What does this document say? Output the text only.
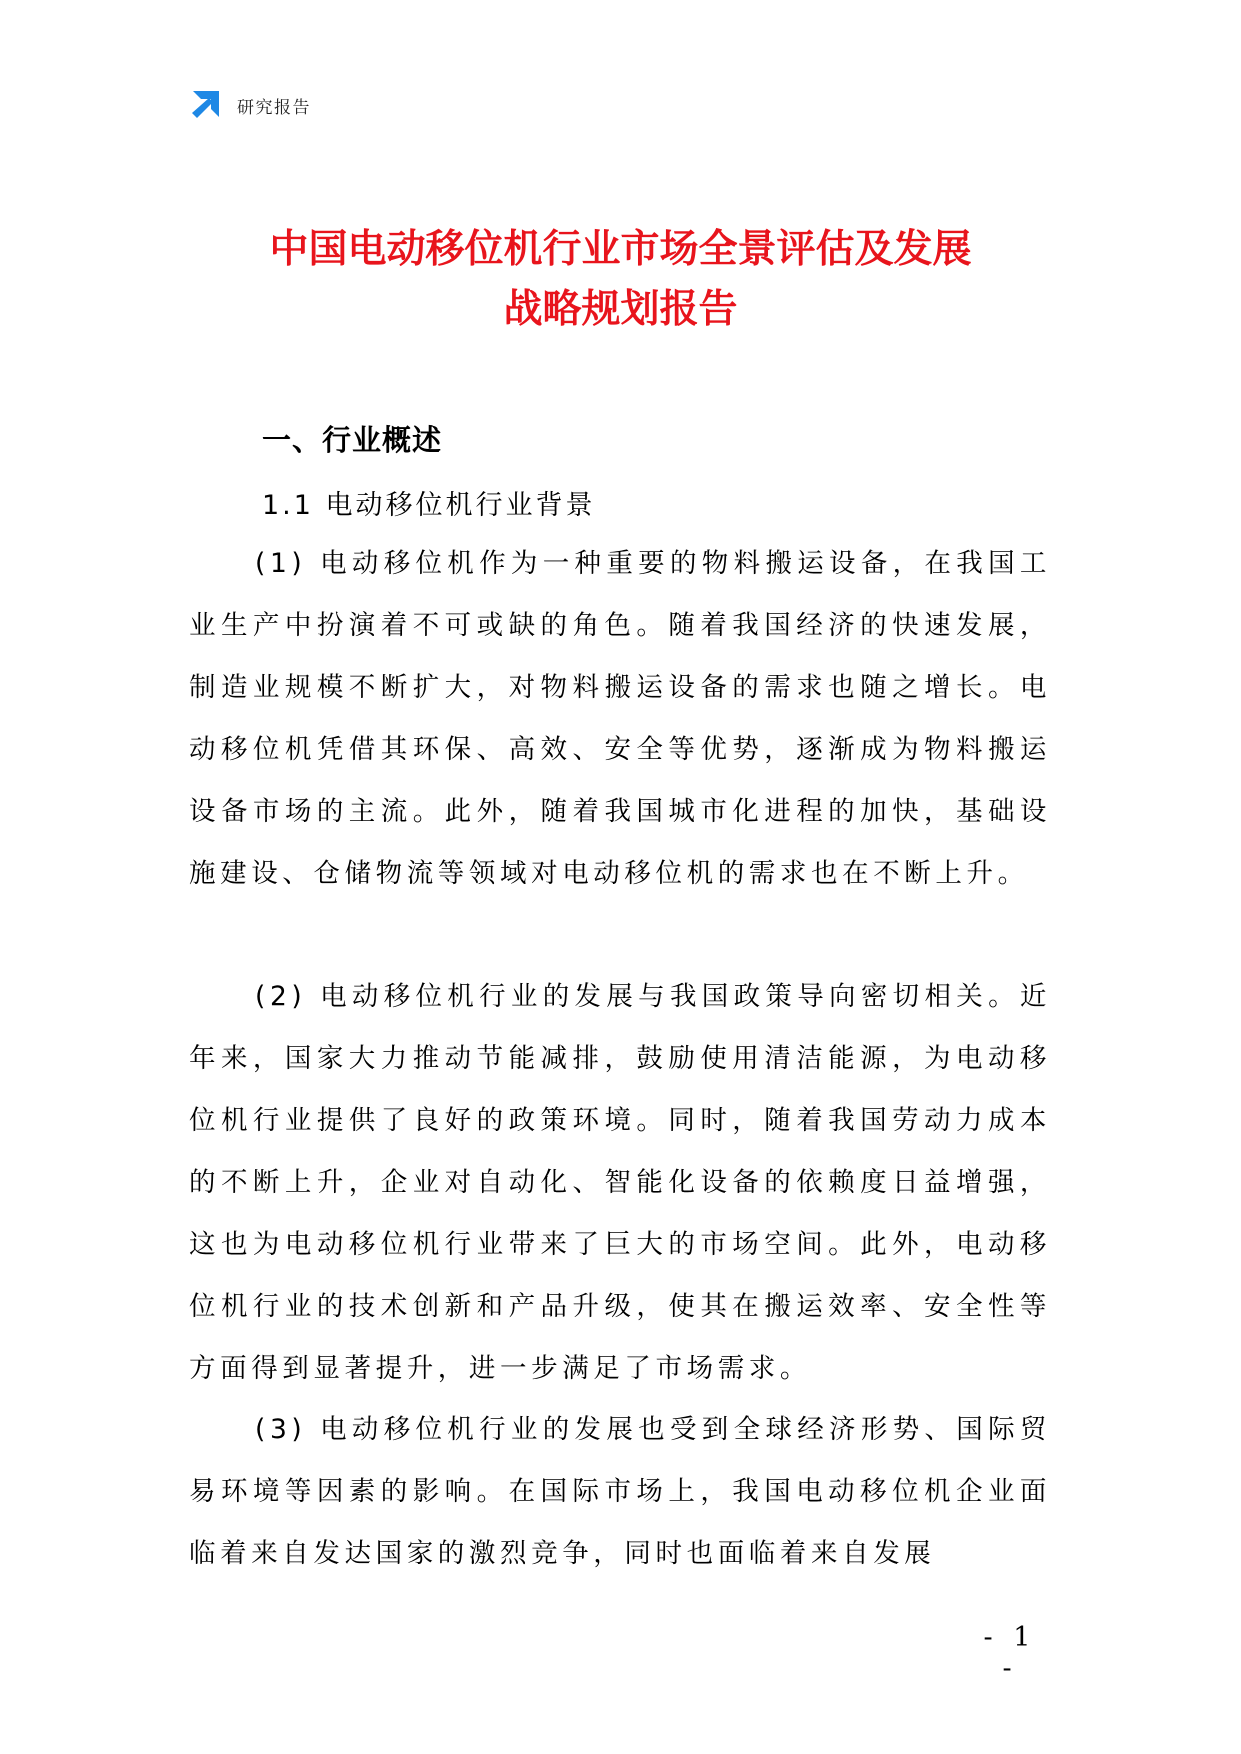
研究报告
中国电动移位机行业市场全景评估及发展
战略规划报告
一、行业概述
1.1 电动移位机行业背景

(1) 电动移位机作为一种重要的物料搬运设备，在我国工业生产中扮演着不可或缺的角色。随着我国经济的快速发展，制造业规模不断扩大，对物料搬运设备的需求也随之增长。电动移位机凭借其环保、高效、安全等优势，逐渐成为物料搬运设备市场的主流。此外，随着我国城市化进程的加快，基础设施建设、仓储物流等领域对电动移位机的需求也在不断上升。

(2) 电动移位机行业的发展与我国政策导向密切相关。近年来，国家大力推动节能减排，鼓励使用清洁能源，为电动移位机行业提供了良好的政策环境。同时，随着我国劳动力成本的不断上升，企业对自动化、智能化设备的依赖度日益增强，这也为电动移位机行业带来了巨大的市场空间。此外，电动移位机行业的技术创新和产品升级，使其在搬运效率、安全性等方面得到显著提升，进一步满足了市场需求。

(3) 电动移位机行业的发展也受到全球经济形势、国际贸易环境等因素的影响。在国际市场上，我国电动移位机企业面临着来自发达国家的激烈竞争，同时也面临着来自发展

- 1 -
